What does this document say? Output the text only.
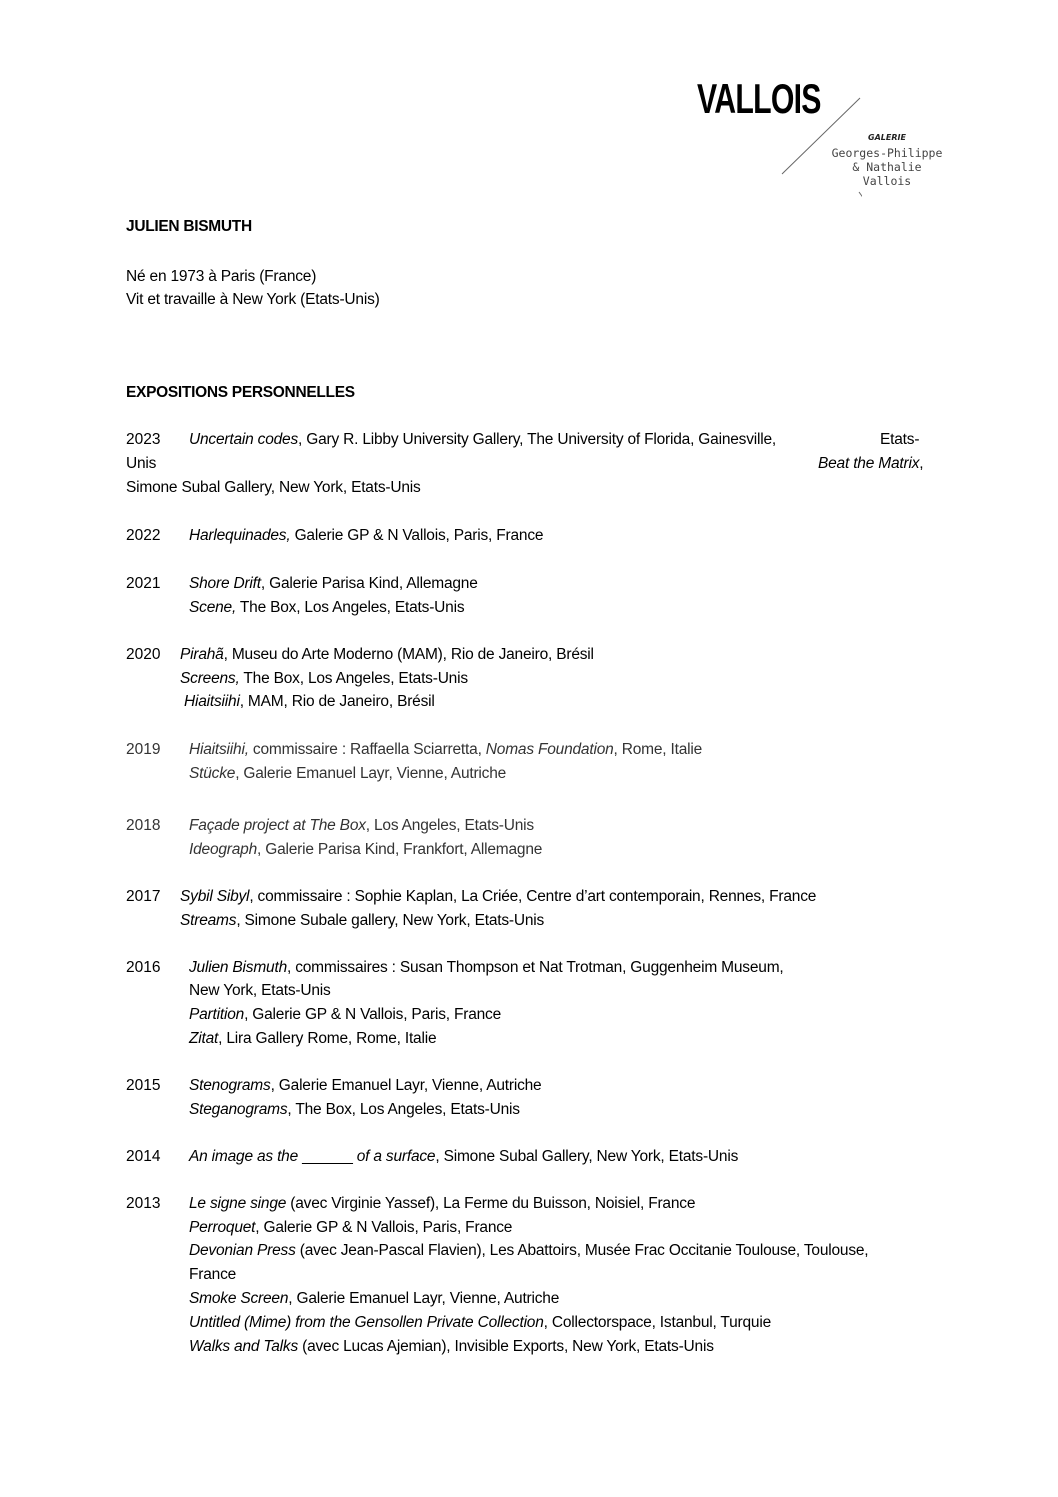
VALLOIS
GALERIE
Georges-Philippe
& Nathalie
Vallois
JULIEN BISMUTH
Né en 1973 à Paris (France)
Vit et travaille à New York (Etats-Unis)
EXPOSITIONS PERSONNELLES
2023 Uncertain codes, Gary R. Libby University Gallery, The University of Florida, Gainesville,	Etats-
Unis	Beat the Matrix,
Simone Subal Gallery, New York, Etats-Unis
2022 Harlequinades, Galerie GP & N Vallois, Paris, France
2021 Shore Drift, Galerie Parisa Kind, Allemagne
Scene, The Box, Los Angeles, Etats-Unis
2020 Pirahã, Museu do Arte Moderno (MAM), Rio de Janeiro, Brésil
Screens, The Box, Los Angeles, Etats-Unis
Hiaitsiihi, MAM, Rio de Janeiro, Brésil
2019 Hiaitsiihi, commissaire : Raffaella Sciarretta, Nomas Foundation, Rome, Italie
Stücke, Galerie Emanuel Layr, Vienne, Autriche
2018 Façade project at The Box, Los Angeles, Etats-Unis
Ideograph, Galerie Parisa Kind, Frankfort, Allemagne
2017 Sybil Sibyl, commissaire : Sophie Kaplan, La Criée, Centre d’art contemporain, Rennes, France
Streams, Simone Subale gallery, New York, Etats-Unis
2016 Julien Bismuth, commissaires : Susan Thompson et Nat Trotman, Guggenheim Museum,
New York, Etats-Unis
Partition, Galerie GP & N Vallois, Paris, France
Zitat, Lira Gallery Rome, Rome, Italie
2015 Stenograms, Galerie Emanuel Layr, Vienne, Autriche
Steganograms, The Box, Los Angeles, Etats-Unis
2014 An image as the ______ of a surface, Simone Subal Gallery, New York, Etats-Unis
2013 Le signe singe (avec Virginie Yassef), La Ferme du Buisson, Noisiel, France
Perroquet, Galerie GP & N Vallois, Paris, France
Devonian Press (avec Jean-Pascal Flavien), Les Abattoirs, Musée Frac Occitanie Toulouse, Toulouse,
France
Smoke Screen, Galerie Emanuel Layr, Vienne, Autriche
Untitled (Mime) from the Gensollen Private Collection, Collectorspace, Istanbul, Turquie
Walks and Talks (avec Lucas Ajemian), Invisible Exports, New York, Etats-Unis
